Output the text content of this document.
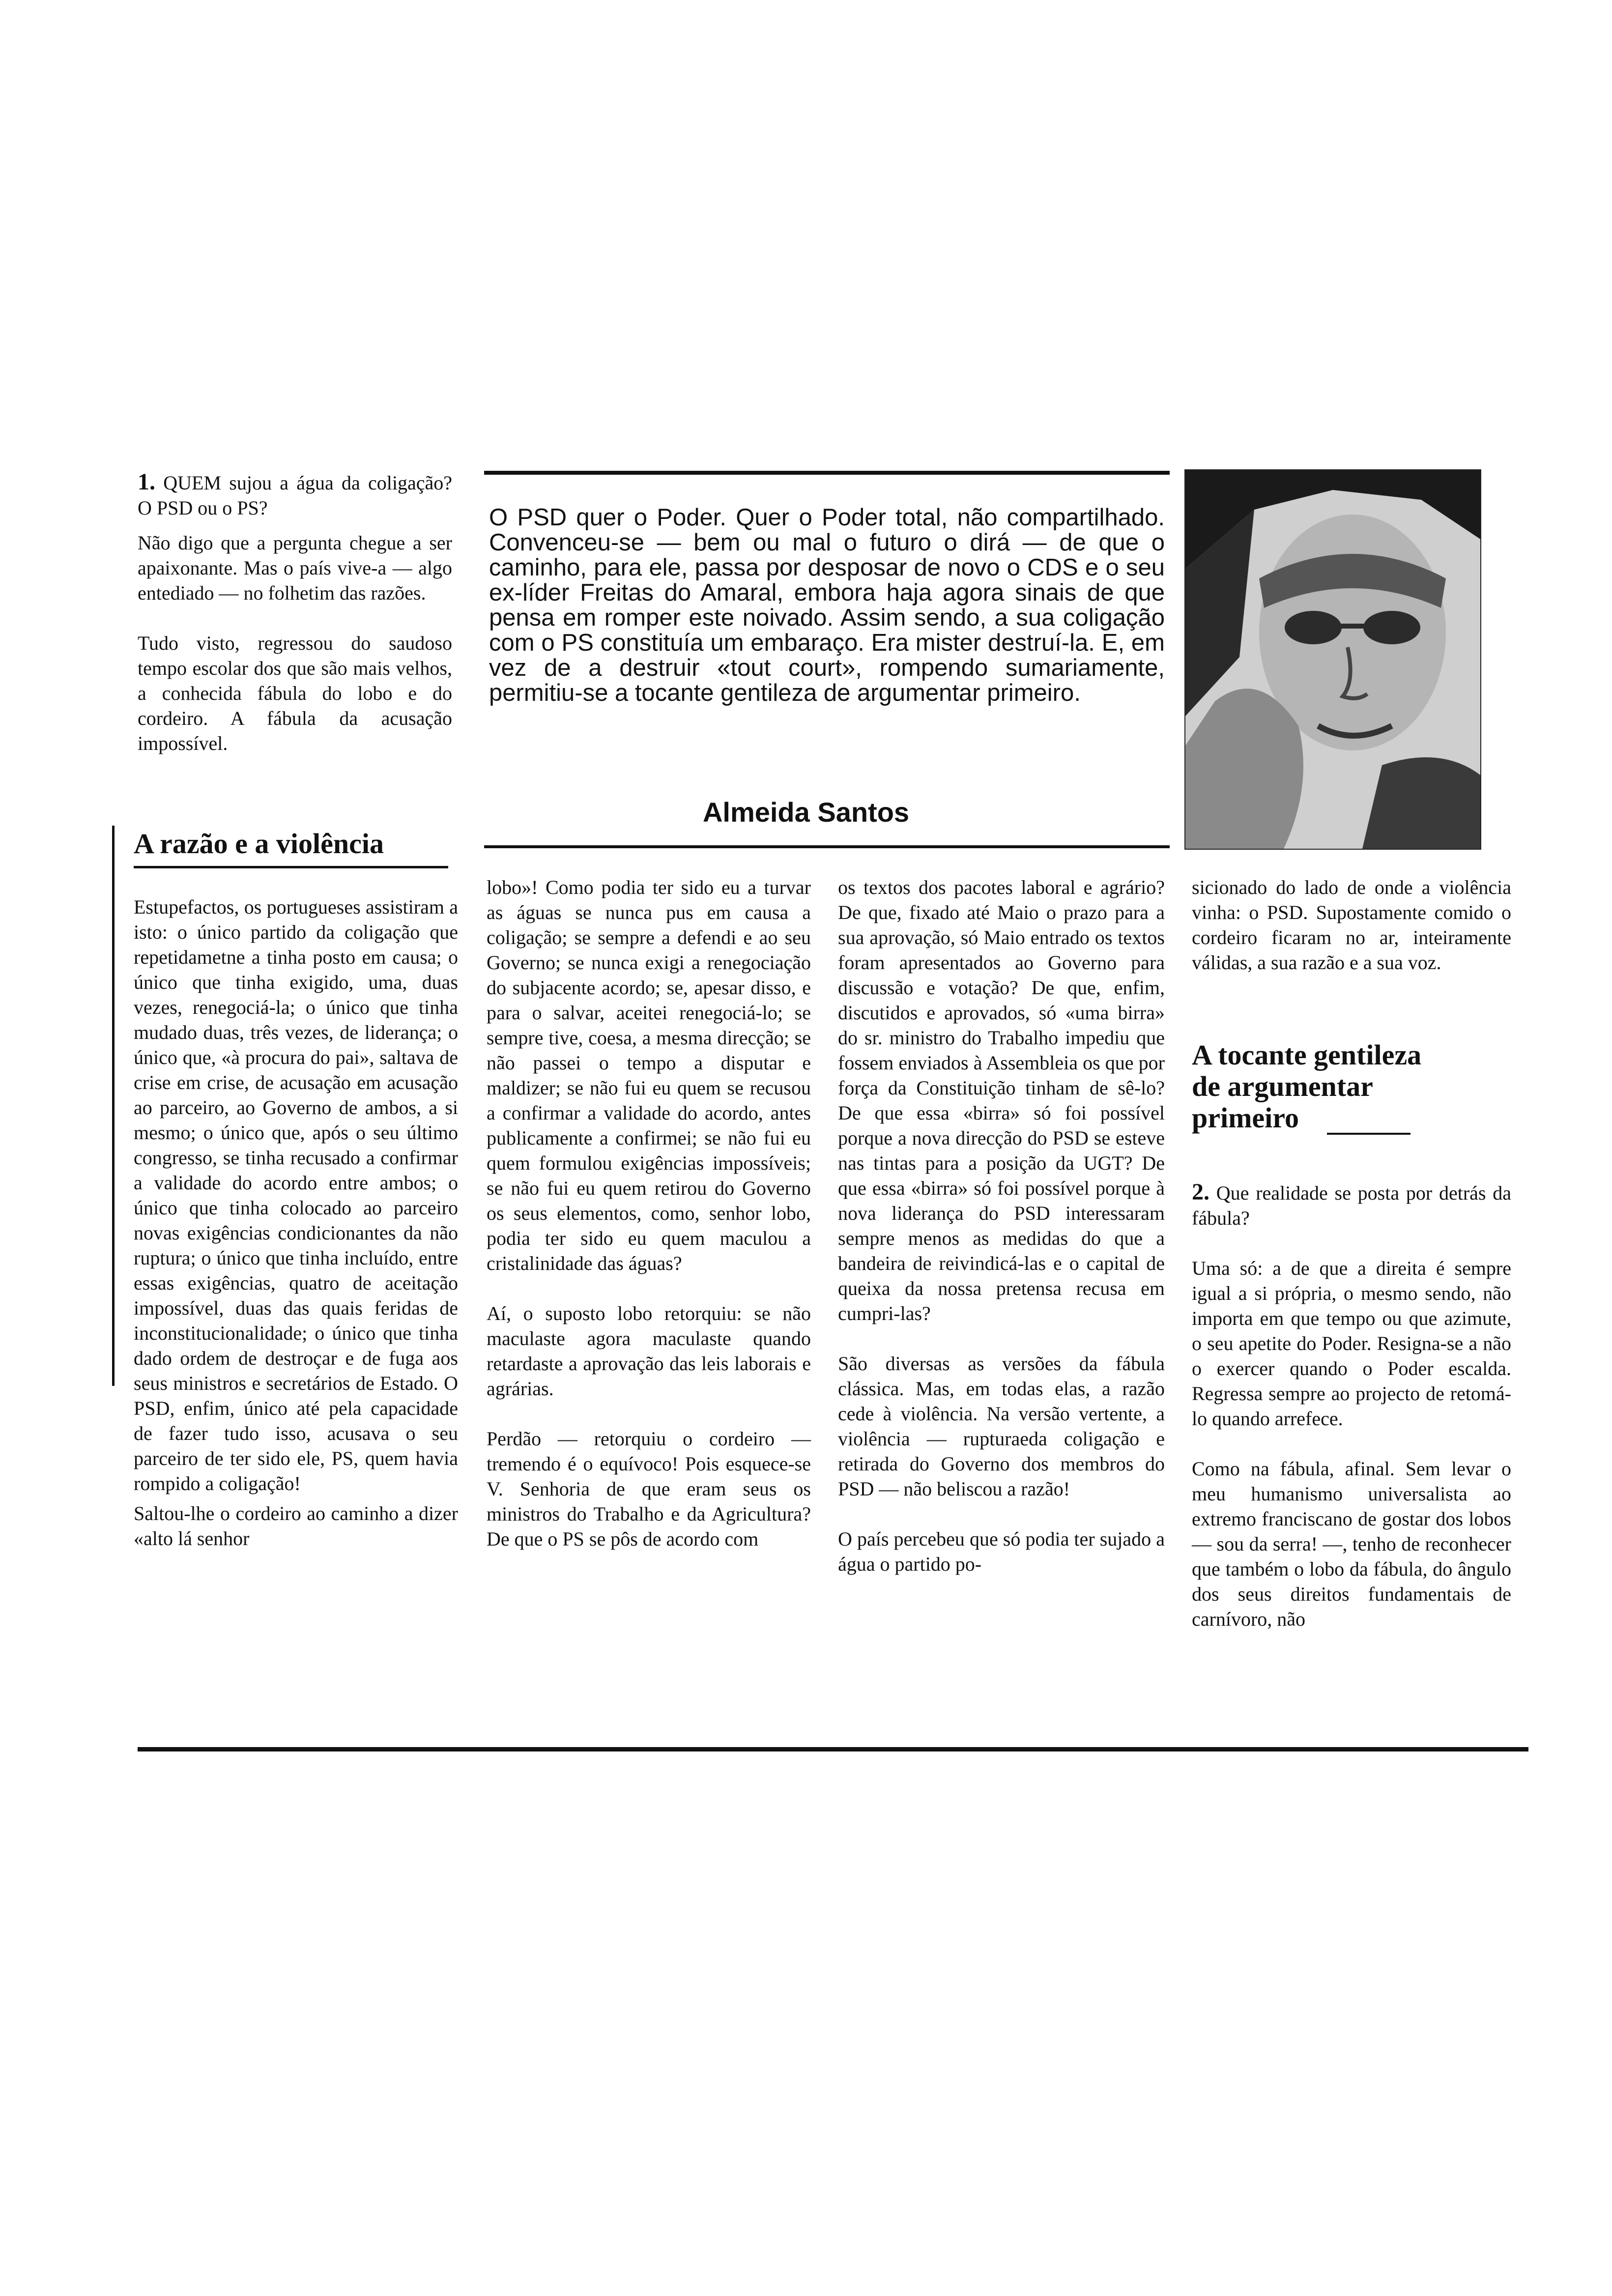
1. QUEM sujou a água da coligação? O PSD ou o PS?

Não digo que a pergunta chegue a ser apaixonante. Mas o país vive-a — algo entediado — no folhetim das razões.

Tudo visto, regressou do saudoso tempo escolar dos que são mais velhos, a conhecida fábula do lobo e do cordeiro. A fábula da acusação impossível.

A razão e a violência

Estupefactos, os portugueses assistiram a isto: o único partido da coligação que repetidametne a tinha posto em causa; o único que tinha exigido, uma, duas vezes, renegociá-la; o único que tinha mudado duas, três vezes, de liderança; o único que, «à procura do pai», saltava de crise em crise, de acusação em acusação ao parceiro, ao Governo de ambos, a si mesmo; o único que, após o seu último congresso, se tinha recusado a confirmar a validade do acordo entre ambos; o único que tinha colocado ao parceiro novas exigências condicionantes da não ruptura; o único que tinha incluído, entre essas exigências, quatro de aceitação impossível, duas das quais feridas de inconstitucionalidade; o único que tinha dado ordem de destroçar e de fuga aos seus ministros e secretários de Estado. O PSD, enfim, único até pela capacidade de fazer tudo isso, acusava o seu parceiro de ter sido ele, PS, quem havia rompido a coligação!

Saltou-lhe o cordeiro ao caminho a dizer «alto lá senhor

O PSD quer o Poder. Quer o Poder total, não compartilhado. Convenceu-se — bem ou mal o futuro o dirá — de que o caminho, para ele, passa por desposar de novo o CDS e o seu ex-líder Freitas do Amaral, embora haja agora sinais de que pensa em romper este noivado. Assim sendo, a sua coligação com o PS constituía um embaraço. Era mister destruí-la. E, em vez de a destruir «tout court», rompendo sumariamente, permitiu-se a tocante gentileza de argumentar primeiro.

Almeida Santos

lobo»! Como podia ter sido eu a turvar as águas se nunca pus em causa a coligação; se sempre a defendi e ao seu Governo; se nunca exigi a renegociação do subjacente acordo; se, apesar disso, e para o salvar, aceitei renegociá-lo; se sempre tive, coesa, a mesma direcção; se não passei o tempo a disputar e maldizer; se não fui eu quem se recusou a confirmar a validade do acordo, antes publicamente a confirmei; se não fui eu quem formulou exigências impossíveis; se não fui eu quem retirou do Governo os seus elementos, como, senhor lobo, podia ter sido eu quem maculou a cristalinidade das águas?

Aí, o suposto lobo retorquiu: se não maculaste agora maculaste quando retardaste a aprovação das leis laborais e agrárias.

Perdão — retorquiu o cordeiro — tremendo é o equívoco! Pois esquece-se V. Senhoria de que eram seus os ministros do Trabalho e da Agricultura? De que o PS se pôs de acordo com

os textos dos pacotes laboral e agrário? De que, fixado até Maio o prazo para a sua aprovação, só Maio entrado os textos foram apresentados ao Governo para discussão e votação? De que, enfim, discutidos e aprovados, só «uma birra» do sr. ministro do Trabalho impediu que fossem enviados à Assembleia os que por força da Constituição tinham de sê-lo? De que essa «birra» só foi possível porque a nova direcção do PSD se esteve nas tintas para a posição da UGT? De que essa «birra» só foi possível porque à nova liderança do PSD interessaram sempre menos as medidas do que a bandeira de reivindicá-las e o capital de queixa da nossa pretensa recusa em cumpri-las?

São diversas as versões da fábula clássica. Mas, em todas elas, a razão cede à violência. Na versão vertente, a violência — rupturaeda coligação e retirada do Governo dos membros do PSD — não beliscou a razão!

O país percebeu que só podia ter sujado a água o partido po-

sicionado do lado de onde a violência vinha: o PSD. Supostamente comido o cordeiro ficaram no ar, inteiramente válidas, a sua razão e a sua voz.

A tocante gentileza de argumentar primeiro

2. Que realidade se posta por detrás da fábula?

Uma só: a de que a direita é sempre igual a si própria, o mesmo sendo, não importa em que tempo ou que azimute, o seu apetite do Poder. Resigna-se a não o exercer quando o Poder escalda. Regressa sempre ao projecto de retomá-lo quando arrefece.

Como na fábula, afinal. Sem levar o meu humanismo universalista ao extremo franciscano de gostar dos lobos — sou da serra! —, tenho de reconhecer que também o lobo da fábula, do ângulo dos seus direitos fundamentais de carnívoro, não
